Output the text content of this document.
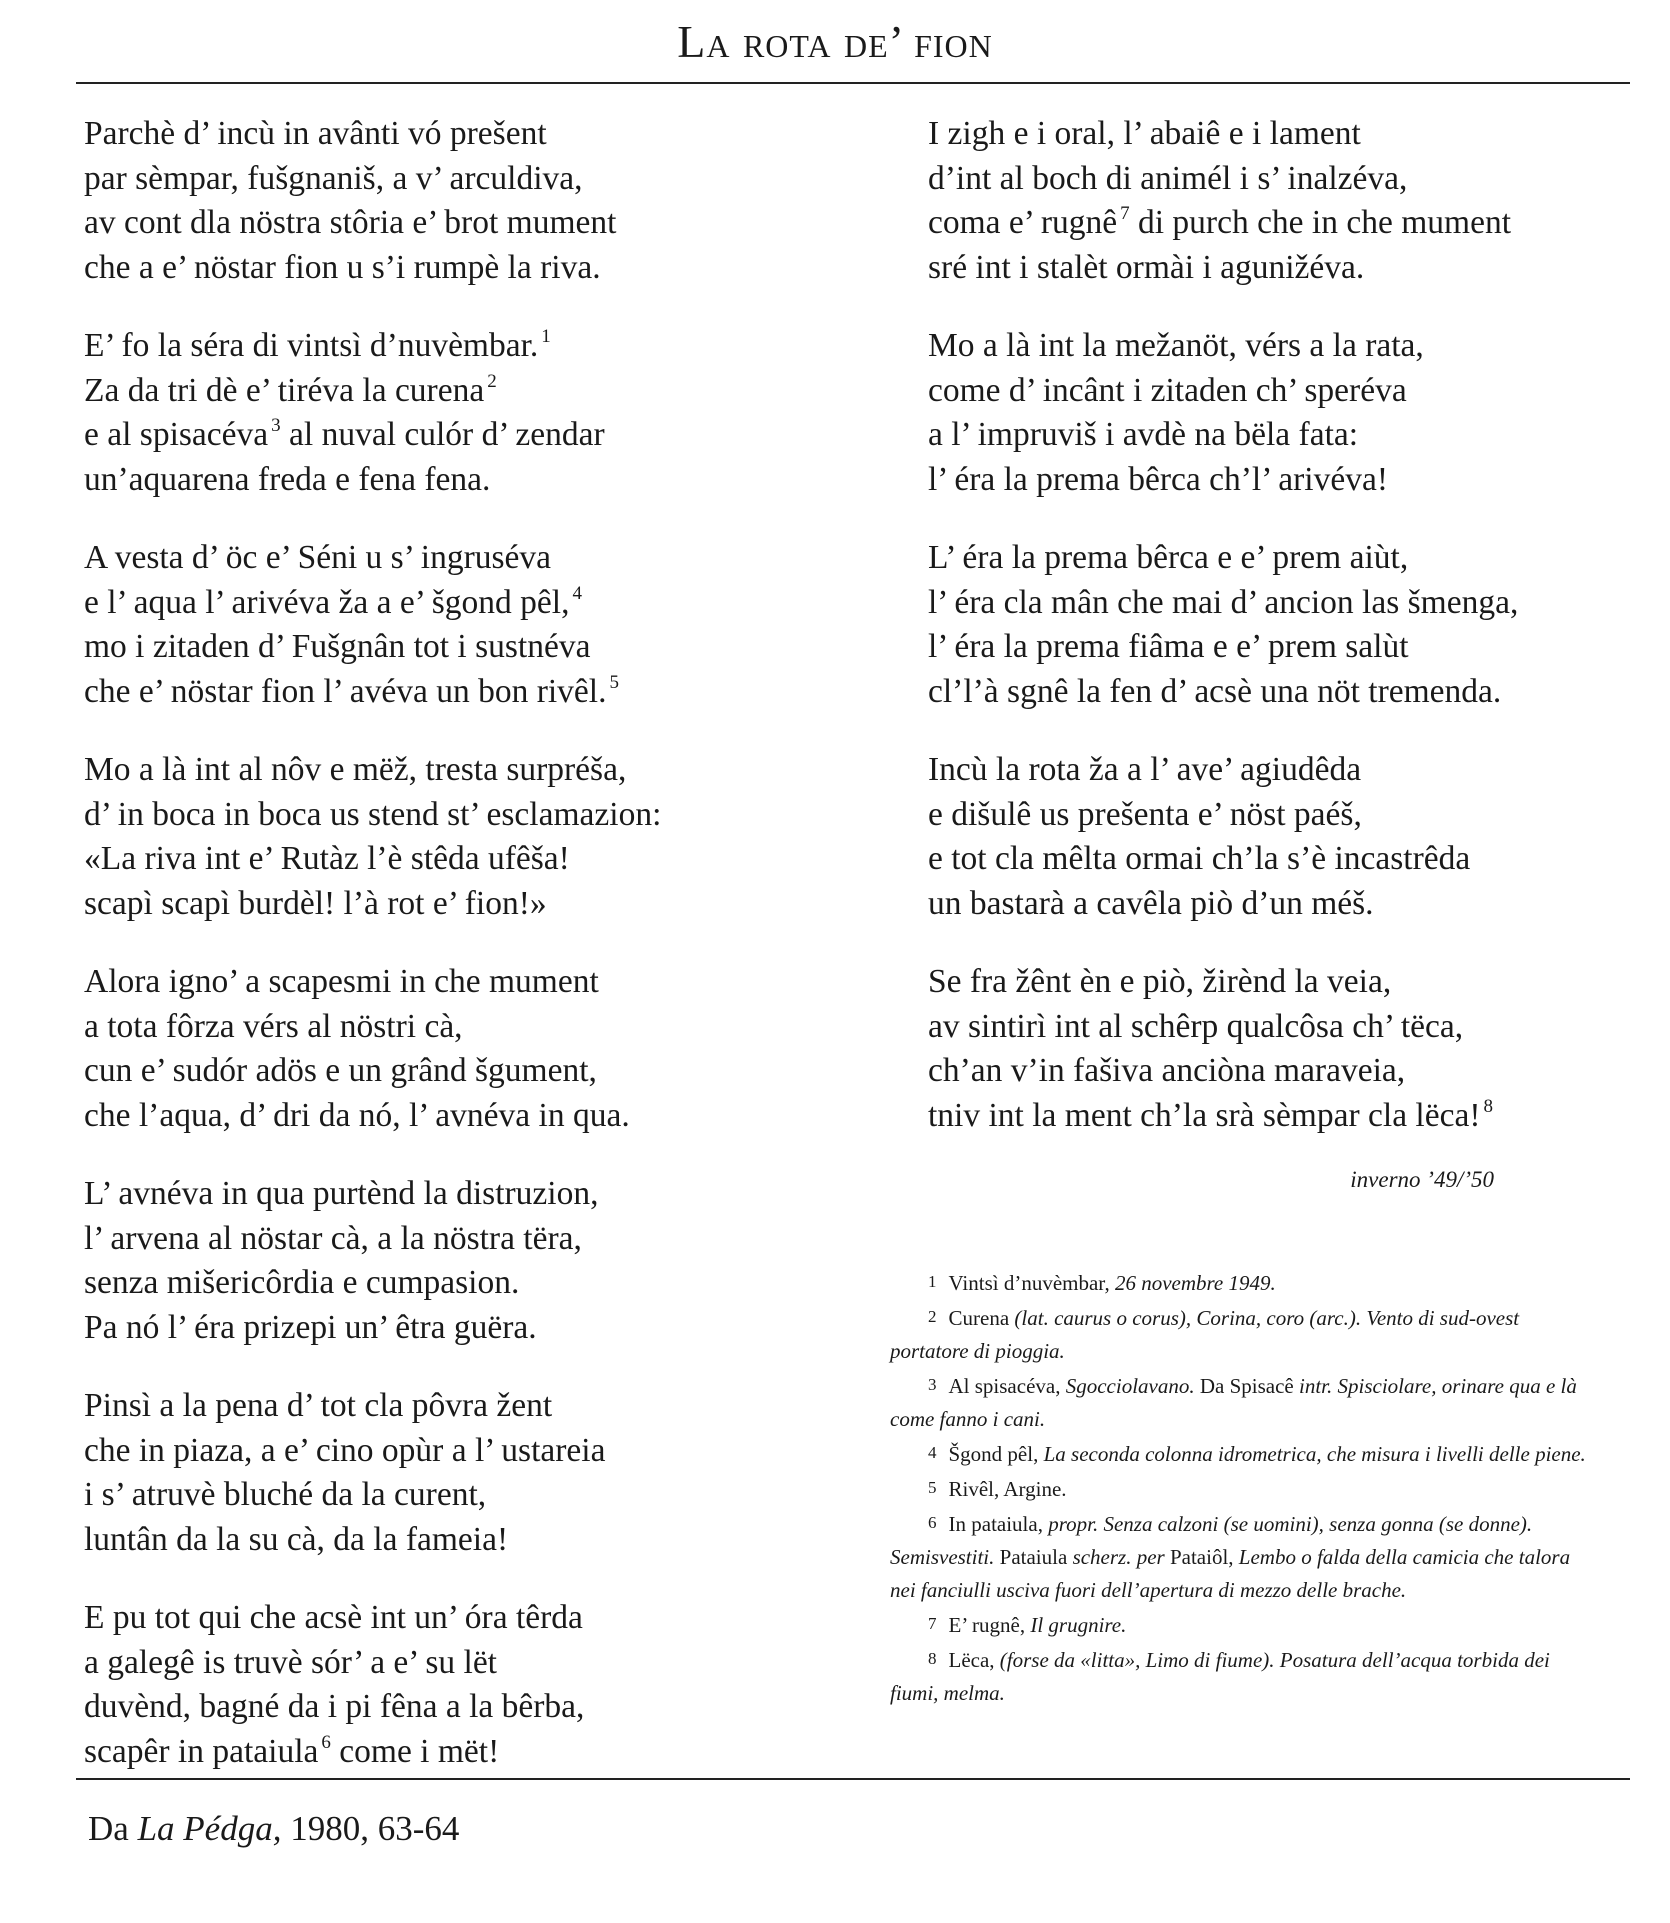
La rota de’ fion
Parchè d’ incù in avânti vó prešent
par sèmpar, fušgnaniš, a v’ arculdiva,
av cont dla nöstra stôria e’ brot mument
che a e’ nöstar fion u s’i rumpè la riva.
E’ fo la séra di vintsì d’nuvèmbar. $^1$
Za da tri dè e’ tiréva la curena $^2$
e al spisacéva $^3$ al nuval culór d’ zendar
un’aquarena freda e fena fena.
A vesta d’ öc e’ Séni u s’ ingruséva
e l’ aqua l’ arivéva ža a e’ šgond pêl, $^4$
mo i zitaden d’ Fušgnân tot i sustnéva
che e’ nöstar fion l’ avéva un bon rivêl. $^5$
Mo a là int al nôv e mëž, tresta surpréša,
d’ in boca in boca us stend st’ esclamazion:
«La riva int e’ Rutàz l’è stêda ufêša!
scapì scapì burdèl! l’à rot e’ fion!»
Alora igno’ a scapesmi in che mument
a tota fôrza vérs al nöstri cà,
cun e’ sudór adös e un grând šgument,
che l’aqua, d’ dri da nó, l’ avnéva in qua.
L’ avnéva in qua purtènd la distruzion,
l’ arvena al nöstar cà, a la nöstra tëra,
senza mišericôrdia e cumpasion.
Pa nó l’ éra prizepi un’ êtra guëra.
Pinsì a la pena d’ tot cla pôvra žent
che in piaza, a e’ cino opùr a l’ ustareia
i s’ atruvè bluché da la curent,
luntân da la su cà, da la fameia!
E pu tot qui che acsè int un’ óra têrda
a galegê is truvè sór’ a e’ su lët
duvènd, bagné da i pi fêna a la bêrba,
scapêr in pataiula $^6$ come i mët!
I zigh e i oral, l’ abaiê e i lament
d’int al boch di animél i s’ inalzéva,
coma e’ rugnê $^7$ di purch che in che mument
sré int i stalèt ormài i agunižéva.
Mo a là int la mežanöt, vérs a la rata,
come d’ incânt i zitaden ch’ speréva
a l’ impruviš i avdè na bëla fata:
l’ éra la prema bêrca ch’l’ arivéva!
L’ éra la prema bêrca e e’ prem aiùt,
l’ éra cla mân che mai d’ ancion las šmenga,
l’ éra la prema fiâma e e’ prem salùt
cl’l’à sgnê la fen d’ acsè una nöt tremenda.
Incù la rota ža a l’ ave’ agiudêda
e dišulê us prešenta e’ nöst paéš,
e tot cla mêlta ormai ch’la s’è incastrêda
un bastarà a cavêla piò d’un méš.
Se fra žênt èn e piò, žirènd la veia,
av sintirì int al schêrp qualcôsa ch’ tëca,
ch’an v’in fašiva anciòna maraveia,
tniv int la ment ch’la srà sèmpar cla lëca! $^8$
inverno ’49/’50
1 Vintsì d’nuvèmbar, 26 novembre 1949.
2 Curena (lat. caurus o corus), Corina, coro (arc.). Vento di sud-ovest portatore di pioggia.
3 Al spisacéva, Sgocciolavano. Da Spisacê intr. Spisciolare, orinare qua e là come fanno i cani.
4 Šgond pêl, La seconda colonna idrometrica, che misura i livelli delle piene.
5 Rivêl, Argine.
6 In pataiula, propr. Senza calzoni (se uomini), senza gonna (se donne). Semisvestiti. Pataiula scherz. per Pataiôl, Lembo o falda della camicia che talora nei fanciulli usciva fuori dell’apertura di mezzo delle brache.
7 E’ rugnê, Il grugnire.
8 Lëca, (forse da «litta», Limo di fiume). Posatura dell’acqua torbida dei fiumi, melma.
Da La Pédga, 1980, 63-64
